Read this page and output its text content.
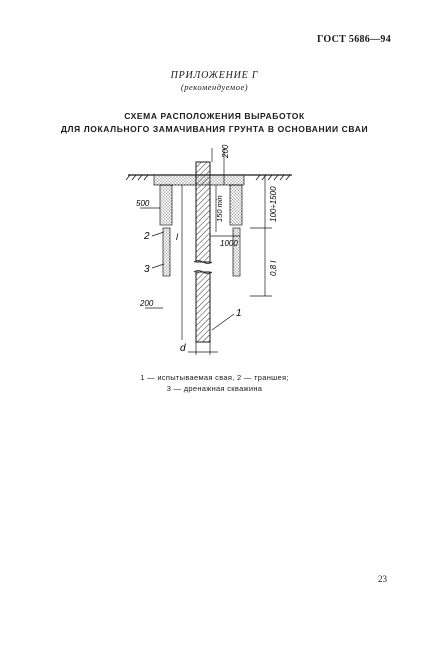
ГОСТ 5686—94
ПРИЛОЖЕНИЕ Г
(рекомендуемое)
СХЕМА РАСПОЛОЖЕНИЯ ВЫРАБОТОК
ДЛЯ ЛОКАЛЬНОГО ЗАМАЧИВАНИЯ ГРУНТА В ОСНОВАНИИ СВАИ
200
500	150 min
1000
100÷1500
0,8 l
200
l
d
2
3
1
1 — испытываемая свая, 2 — траншея;
3 — дренажная скважина
23
